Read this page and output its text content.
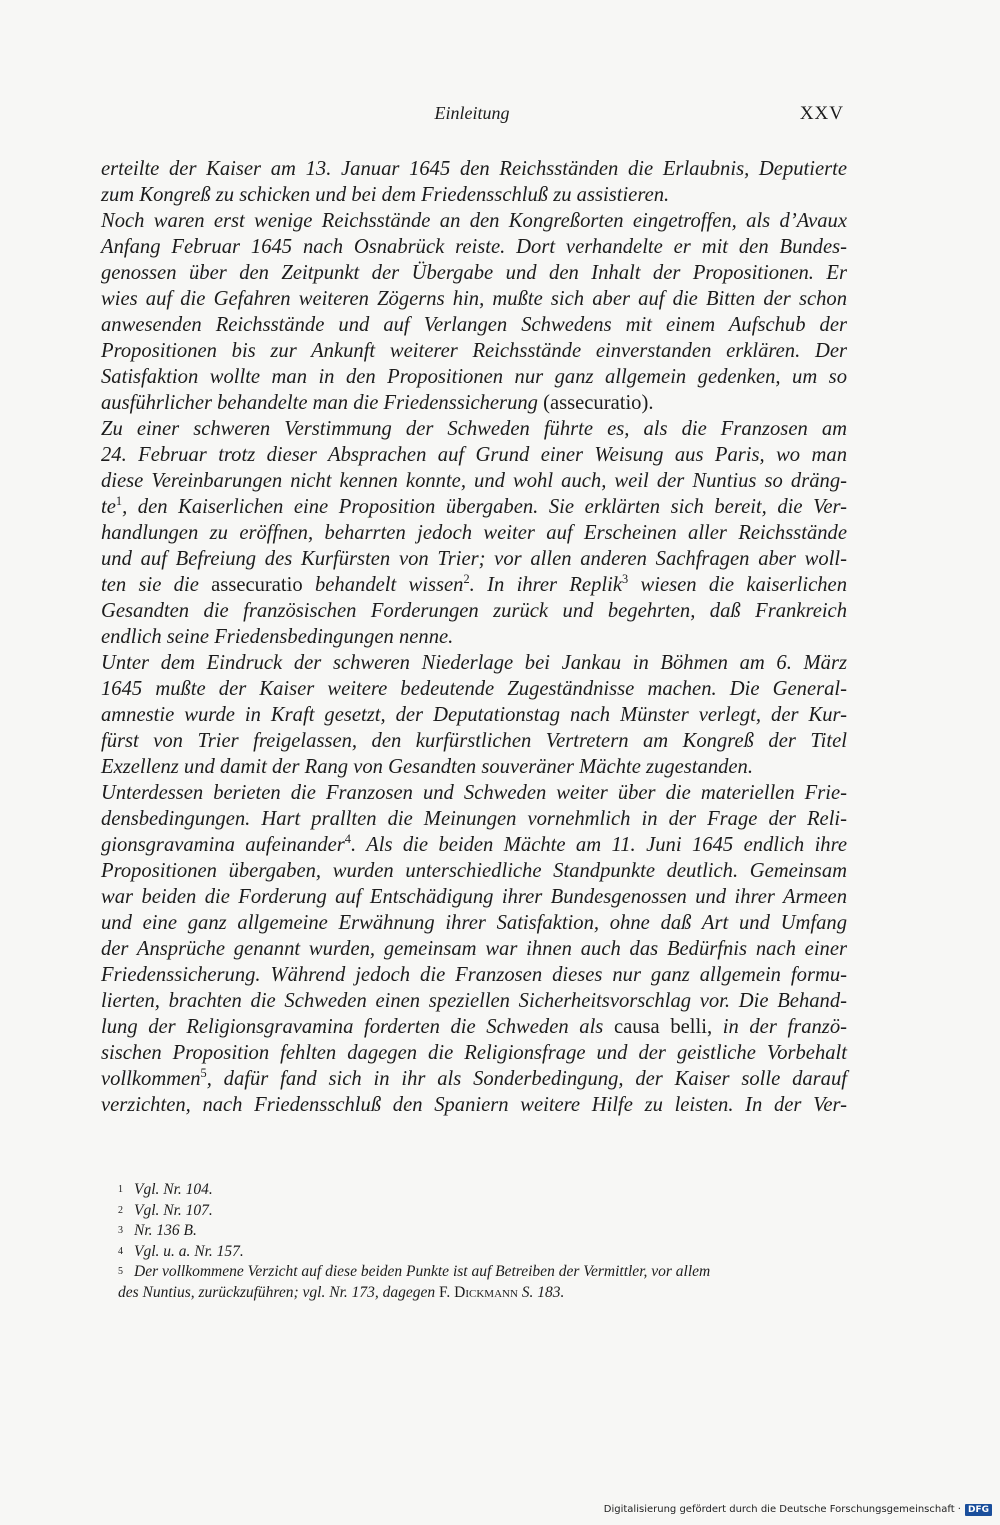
Einleitung	XXV
erteilte der Kaiser am 13. Januar 1645 den Reichsständen die Erlaubnis, Deputierte
zum Kongreß zu schicken und bei dem Friedensschluß zu assistieren.
Noch waren erst wenige Reichsstände an den Kongreßorten eingetroffen, als d’Avaux
Anfang Februar 1645 nach Osnabrück reiste. Dort verhandelte er mit den Bundes-
genossen über den Zeitpunkt der Übergabe und den Inhalt der Propositionen. Er
wies auf die Gefahren weiteren Zögerns hin, mußte sich aber auf die Bitten der schon
anwesenden Reichsstände und auf Verlangen Schwedens mit einem Aufschub der
Propositionen bis zur Ankunft weiterer Reichsstände einverstanden erklären. Der
Satisfaktion wollte man in den Propositionen nur ganz allgemein gedenken, um so
ausführlicher behandelte man die Friedenssicherung (assecuratio).
Zu einer schweren Verstimmung der Schweden führte es, als die Franzosen am
24. Februar trotz dieser Absprachen auf Grund einer Weisung aus Paris, wo man
diese Vereinbarungen nicht kennen konnte, und wohl auch, weil der Nuntius so dräng-
$te^1$, den Kaiserlichen eine Proposition übergaben. Sie erklärten sich bereit, die Ver-
handlungen zu eröffnen, beharrten jedoch weiter auf Erscheinen aller Reichsstände
und auf Befreiung des Kurfürsten von Trier; vor allen anderen Sachfragen aber woll-
ten sie die assecuratio behandelt wissen$^2$. In ihrer Replik$^3$ wiesen die kaiserlichen
Gesandten die französischen Forderungen zurück und begehrten, daß Frankreich
endlich seine Friedensbedingungen nenne.
Unter dem Eindruck der schweren Niederlage bei Jankau in Böhmen am 6. März
1645 mußte der Kaiser weitere bedeutende Zugeständnisse machen. Die General-
amnestie wurde in Kraft gesetzt, der Deputationstag nach Münster verlegt, der Kur-
fürst von Trier freigelassen, den kurfürstlichen Vertretern am Kongreß der Titel
Exzellenz und damit der Rang von Gesandten souveräner Mächte zugestanden.
Unterdessen berieten die Franzosen und Schweden weiter über die materiellen Frie-
densbedingungen. Hart prallten die Meinungen vornehmlich in der Frage der Reli-
gionsgravamina aufeinander$^4$. Als die beiden Mächte am 11. Juni 1645 endlich ihre
Propositionen übergaben, wurden unterschiedliche Standpunkte deutlich. Gemeinsam
war beiden die Forderung auf Entschädigung ihrer Bundesgenossen und ihrer Armeen
und eine ganz allgemeine Erwähnung ihrer Satisfaktion, ohne daß Art und Umfang
der Ansprüche genannt wurden, gemeinsam war ihnen auch das Bedürfnis nach einer
Friedenssicherung. Während jedoch die Franzosen dieses nur ganz allgemein formu-
lierten, brachten die Schweden einen speziellen Sicherheitsvorschlag vor. Die Behand-
lung der Religionsgravamina forderten die Schweden als causa belli, in der franzö-
sischen Proposition fehlten dagegen die Religionsfrage und der geistliche Vorbehalt
vollkommen$^5$, dafür fand sich in ihr als Sonderbedingung, der Kaiser solle darauf
verzichten, nach Friedensschluß den Spaniern weitere Hilfe zu leisten. In der Ver-
1 Vgl. Nr. 104.
2 Vgl. Nr. 107.
3 Nr. 136 B.
4 Vgl. u. a. Nr. 157.
5 Der vollkommene Verzicht auf diese beiden Punkte ist auf Betreiben der Vermittler, vor allem
des Nuntius, zurückzuführen; vgl. Nr. 173, dagegen F. Dickmann S. 183.
Digitalisierung gefördert durch die Deutsche Forschungsgemeinschaft · DFG
